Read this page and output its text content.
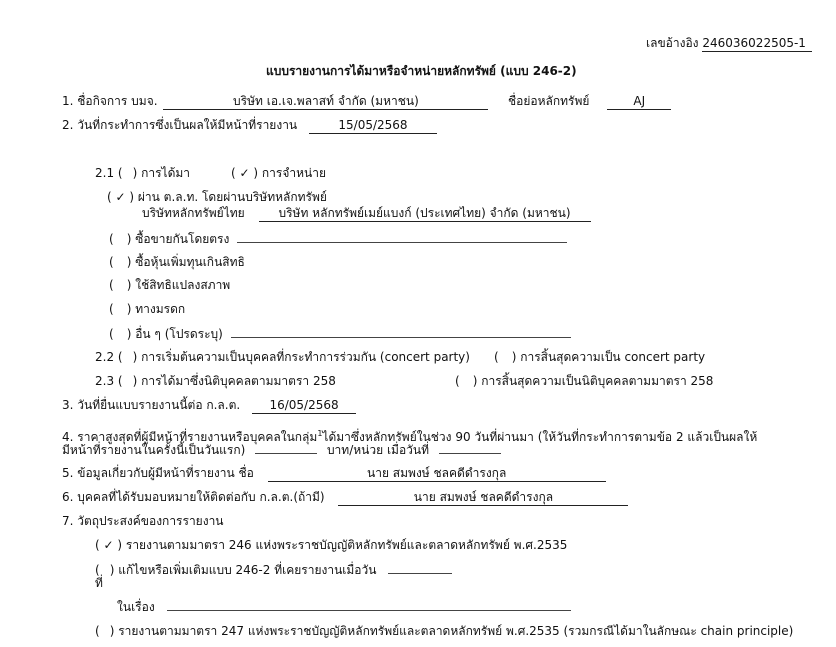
เลขอ้างอิง 246036022505-1
แบบรายงานการได้มาหรือจำหน่ายหลักทรัพย์ (แบบ 246-2)
1. ชื่อกิจการ บมจ.	บริษัท เอ.เจ.พลาสท์ จำกัด (มหาชน)	ชื่อย่อหลักทรัพย์	AJ
2. วันที่กระทำการซึ่งเป็นผลให้มีหน้าที่รายงาน	15/05/2568
2.1 ( ) การได้มา	( ✓ ) การจำหน่าย
( ✓ ) ผ่าน ต.ล.ท. โดยผ่านบริษัทหลักทรัพย์
บริษัทหลักทรัพย์ไทย	บริษัท หลักทรัพย์เมย์แบงก์ (ประเทศไทย) จำกัด (มหาชน)
( ) ซื้อขายกันโดยตรง
( ) ซื้อหุ้นเพิ่มทุนเกินสิทธิ
( ) ใช้สิทธิแปลงสภาพ
( ) ทางมรดก
( ) อื่น ๆ (โปรดระบุ)
2.2 ( ) การเริ่มต้นความเป็นบุคคลที่กระทำการร่วมกัน (concert party) ( ) การสิ้นสุดความเป็น concert party
2.3 ( ) การได้มาซึ่งนิติบุคคลตามมาตรา 258	( ) การสิ้นสุดความเป็นนิติบุคคลตามมาตรา 258
3. วันที่ยื่นแบบรายงานนี้ต่อ ก.ล.ต. 16/05/2568
4. ราคาสูงสุดที่ผู้มีหน้าที่รายงานหรือบุคคลในกลุ่ม$^1$ได้มาซึ่งหลักทรัพย์ในช่วง 90 วันที่ผ่านมา (ให้วันที่กระทำการตามข้อ 2 แล้วเป็นผลให้
มีหน้าที่รายงานในครั้งนี้เป็นวันแรก)	บาท/หน่วย เมื่อวันที่
5. ข้อมูลเกี่ยวกับผู้มีหน้าที่รายงาน ชื่อ	นาย สมพงษ์ ชลคดีดำรงกุล
6. บุคคลที่ได้รับมอบหมายให้ติดต่อกับ ก.ล.ต.(ถ้ามี)	นาย สมพงษ์ ชลคดีดำรงกุล
7. วัตถุประสงค์ของการรายงาน
( ✓ ) รายงานตามมาตรา 246 แห่งพระราชบัญญัติหลักทรัพย์และตลาดหลักทรัพย์ พ.ศ.2535
( ) แก้ไขหรือเพิ่มเติมแบบ 246-2 ที่เคยรายงานเมื่อวัน
ที่
ในเรื่อง
( ) รายงานตามมาตรา 247 แห่งพระราชบัญญัติหลักทรัพย์และตลาดหลักทรัพย์ พ.ศ.2535 (รวมกรณีได้มาในลักษณะ chain principle)
